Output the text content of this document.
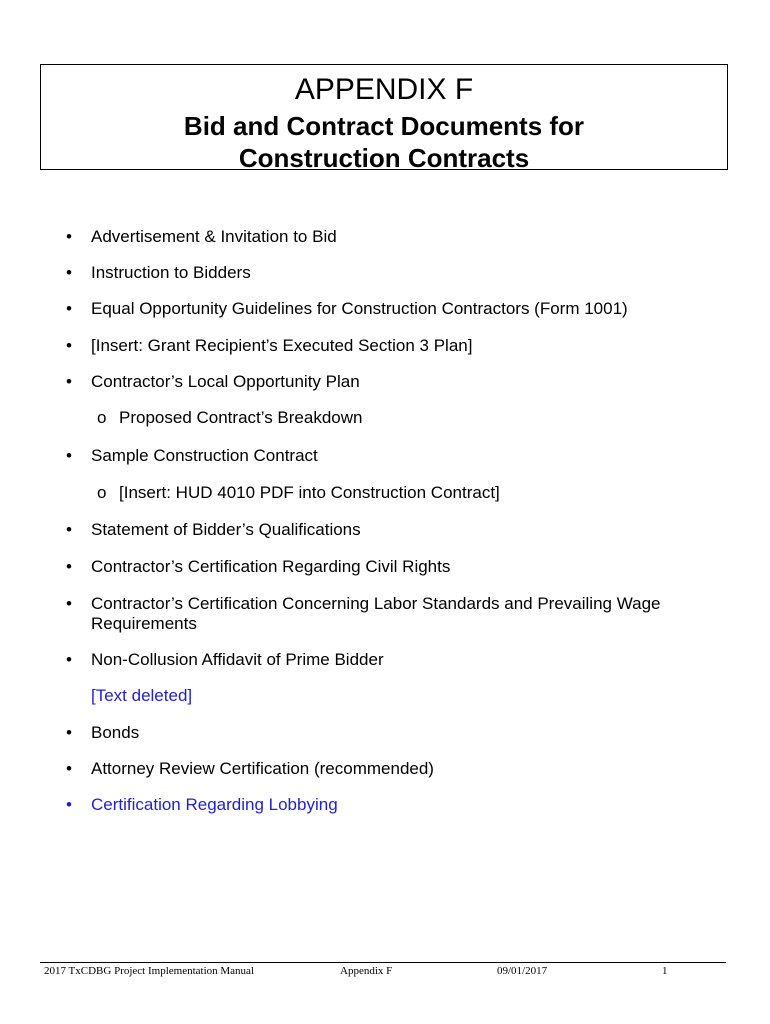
APPENDIX F
Bid and Contract Documents for
Construction Contracts
• Advertisement & Invitation to Bid
• Instruction to Bidders
• Equal Opportunity Guidelines for Construction Contractors (Form 1001)
• [Insert: Grant Recipient’s Executed Section 3 Plan]
• Contractor’s Local Opportunity Plan
o Proposed Contract’s Breakdown
• Sample Construction Contract
o [Insert: HUD 4010 PDF into Construction Contract]
• Statement of Bidder’s Qualifications
• Contractor’s Certification Regarding Civil Rights
• Contractor’s Certification Concerning Labor Standards and Prevailing Wage Requirements
• Non-Collusion Affidavit of Prime Bidder
[Text deleted]
• Bonds
• Attorney Review Certification (recommended)
• Certification Regarding Lobbying
2017 TxCDBG Project Implementation Manual	Appendix F	09/01/2017	1
